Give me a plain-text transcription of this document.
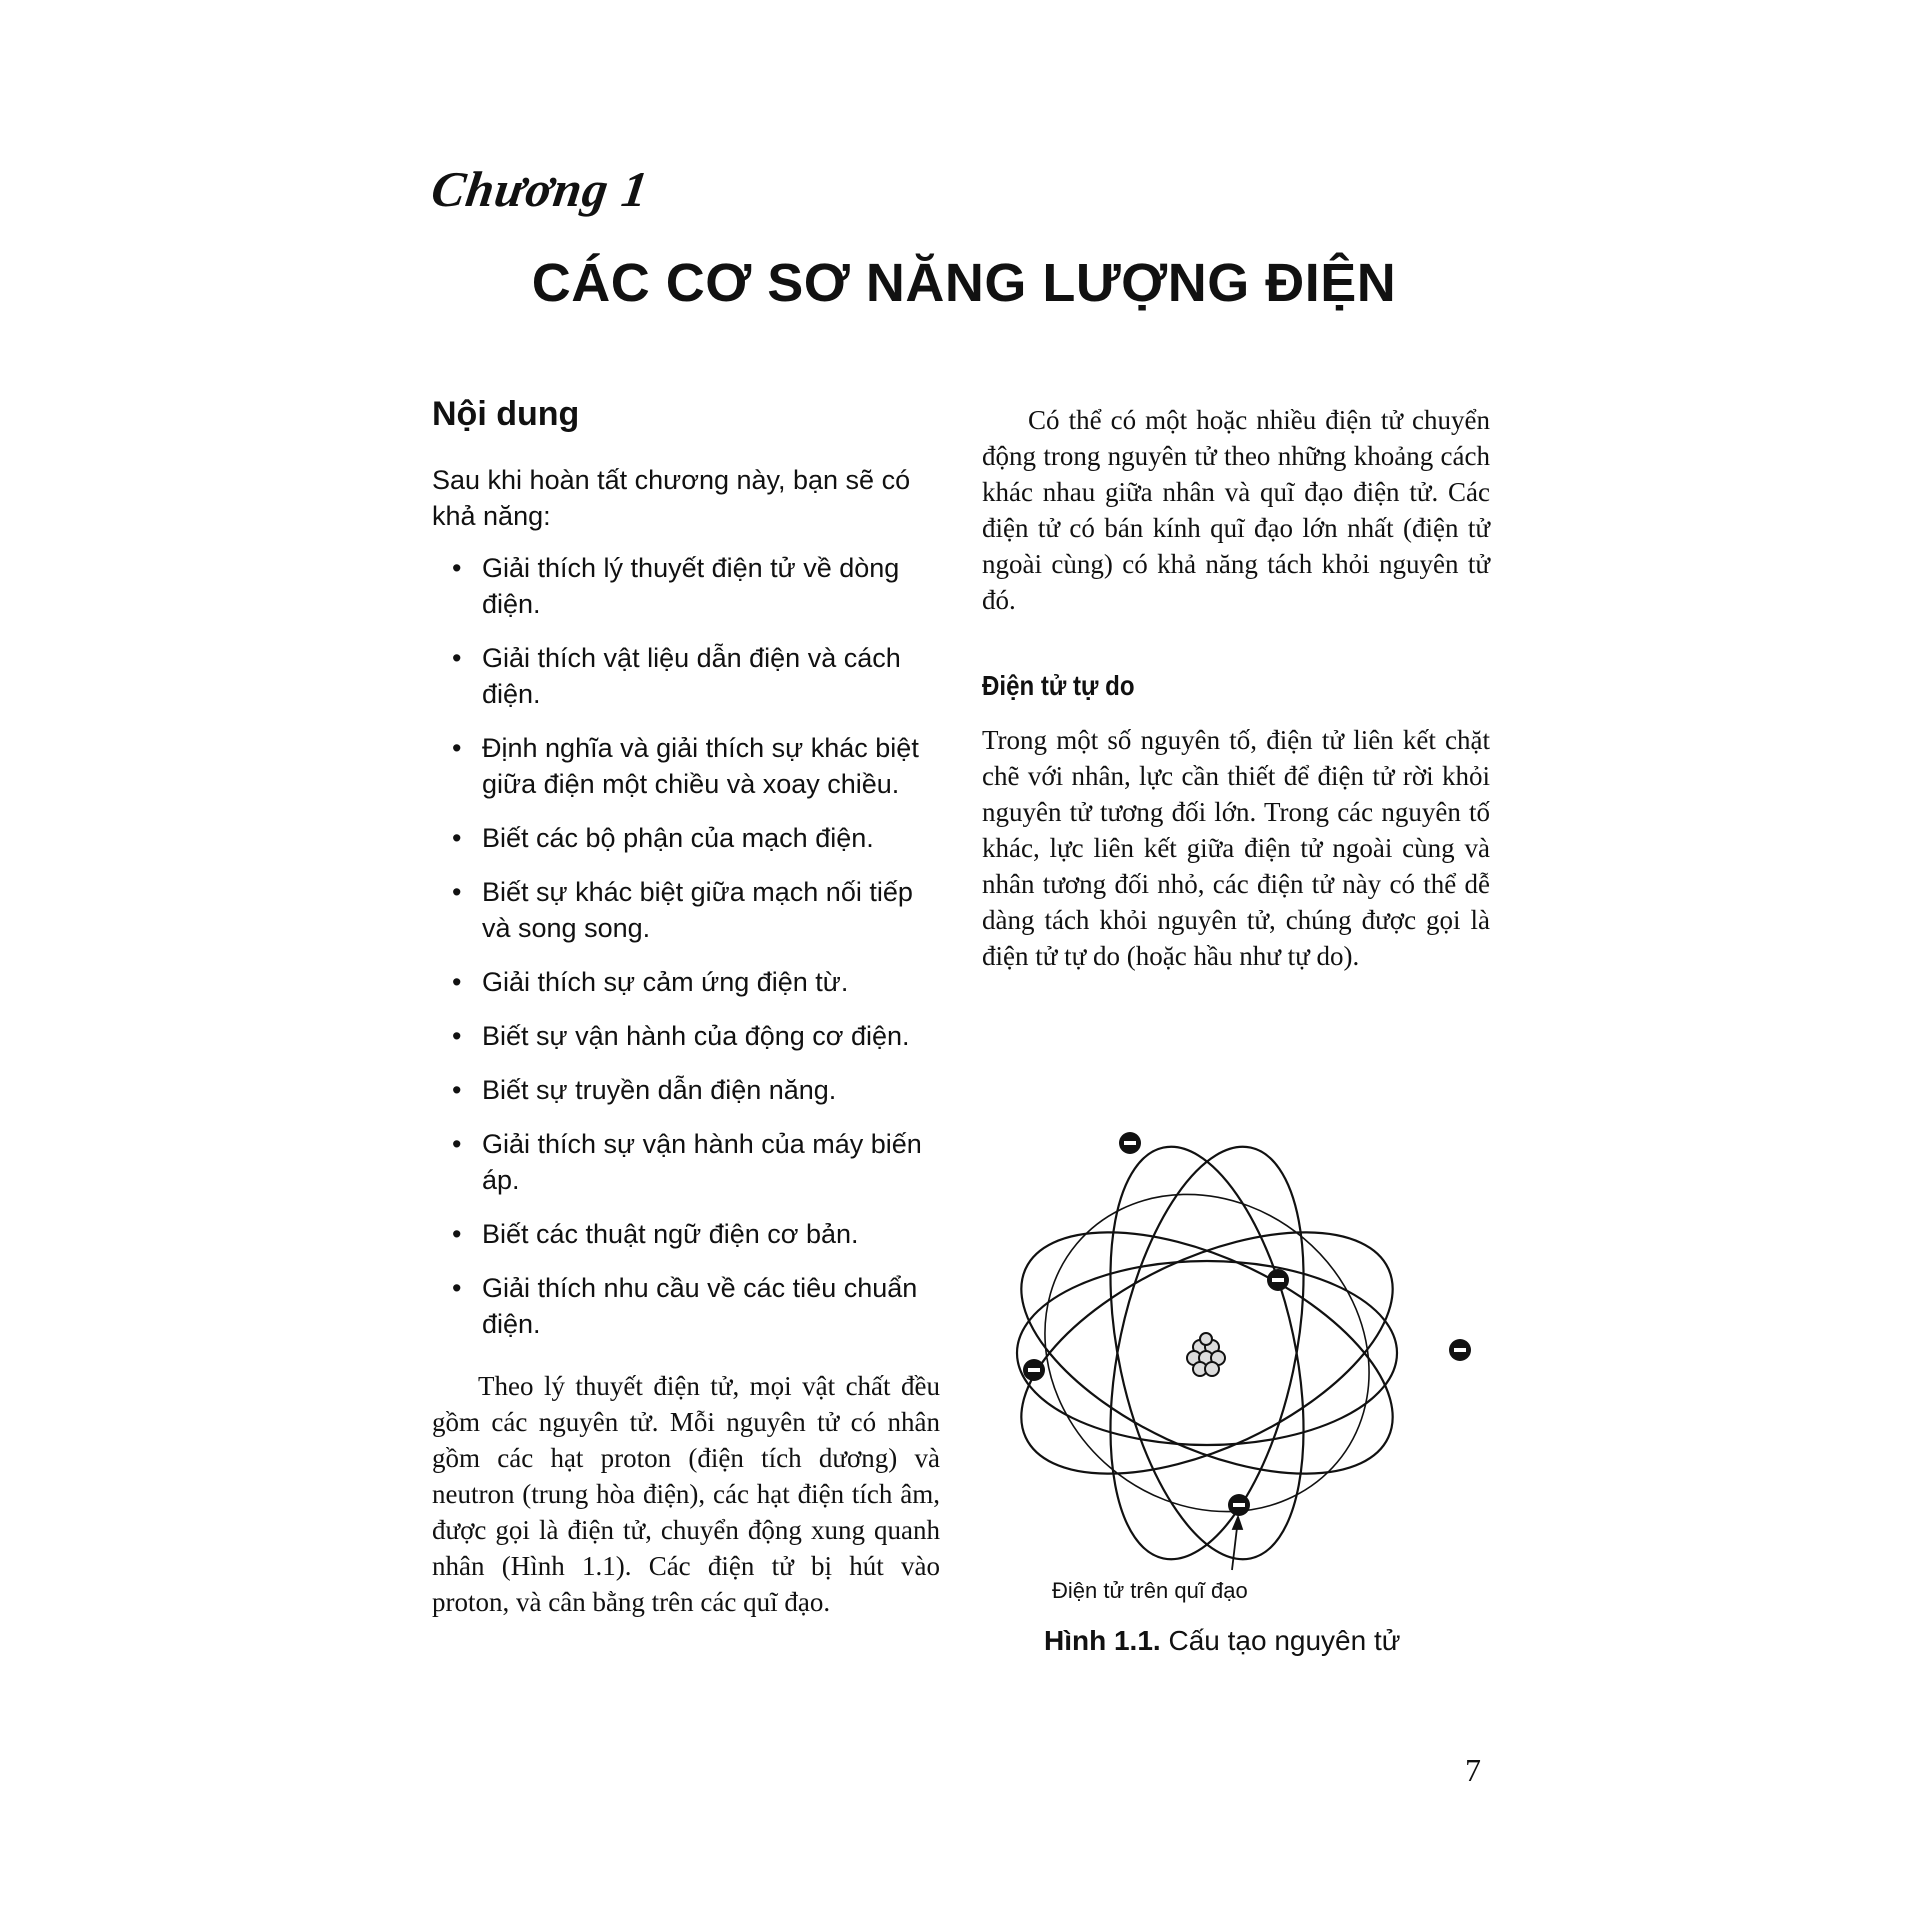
Chương 1
CÁC CƠ SƠ NĂNG LƯỢNG ĐIỆN
Nội dung

Sau khi hoàn tất chương này, bạn sẽ có khả năng:

• Giải thích lý thuyết điện tử về dòng điện.
• Giải thích vật liệu dẫn điện và cách điện.
• Định nghĩa và giải thích sự khác biệt giữa điện một chiều và xoay chiều.
• Biết các bộ phận của mạch điện.
• Biết sự khác biệt giữa mạch nối tiếp và song song.
• Giải thích sự cảm ứng điện từ.
• Biết sự vận hành của động cơ điện.
• Biết sự truyền dẫn điện năng.
• Giải thích sự vận hành của máy biến áp.
• Biết các thuật ngữ điện cơ bản.
• Giải thích nhu cầu về các tiêu chuẩn điện.

Theo lý thuyết điện tử, mọi vật chất đều gồm các nguyên tử. Mỗi nguyên tử có nhân gồm các hạt proton (điện tích dương) và neutron (trung hòa điện), các hạt điện tích âm, được gọi là điện tử, chuyển động xung quanh nhân (Hình 1.1). Các điện tử bị hút vào proton, và cân bằng trên các quĩ đạo.

Có thể có một hoặc nhiều điện tử chuyển động trong nguyên tử theo những khoảng cách khác nhau giữa nhân và quĩ đạo điện tử. Các điện tử có bán kính quĩ đạo lớn nhất (điện tử ngoài cùng) có khả năng tách khỏi nguyên tử đó.

Điện tử tự do

Trong một số nguyên tố, điện tử liên kết chặt chẽ với nhân, lực cần thiết để điện tử rời khỏi nguyên tử tương đối lớn. Trong các nguyên tố khác, lực liên kết giữa điện tử ngoài cùng và nhân tương đối nhỏ, các điện tử này có thể dễ dàng tách khỏi nguyên tử, chúng được gọi là điện tử tự do (hoặc hầu như tự do).

Điện tử trên quĩ đạo
Hình 1.1. Cấu tạo nguyên tử
7
